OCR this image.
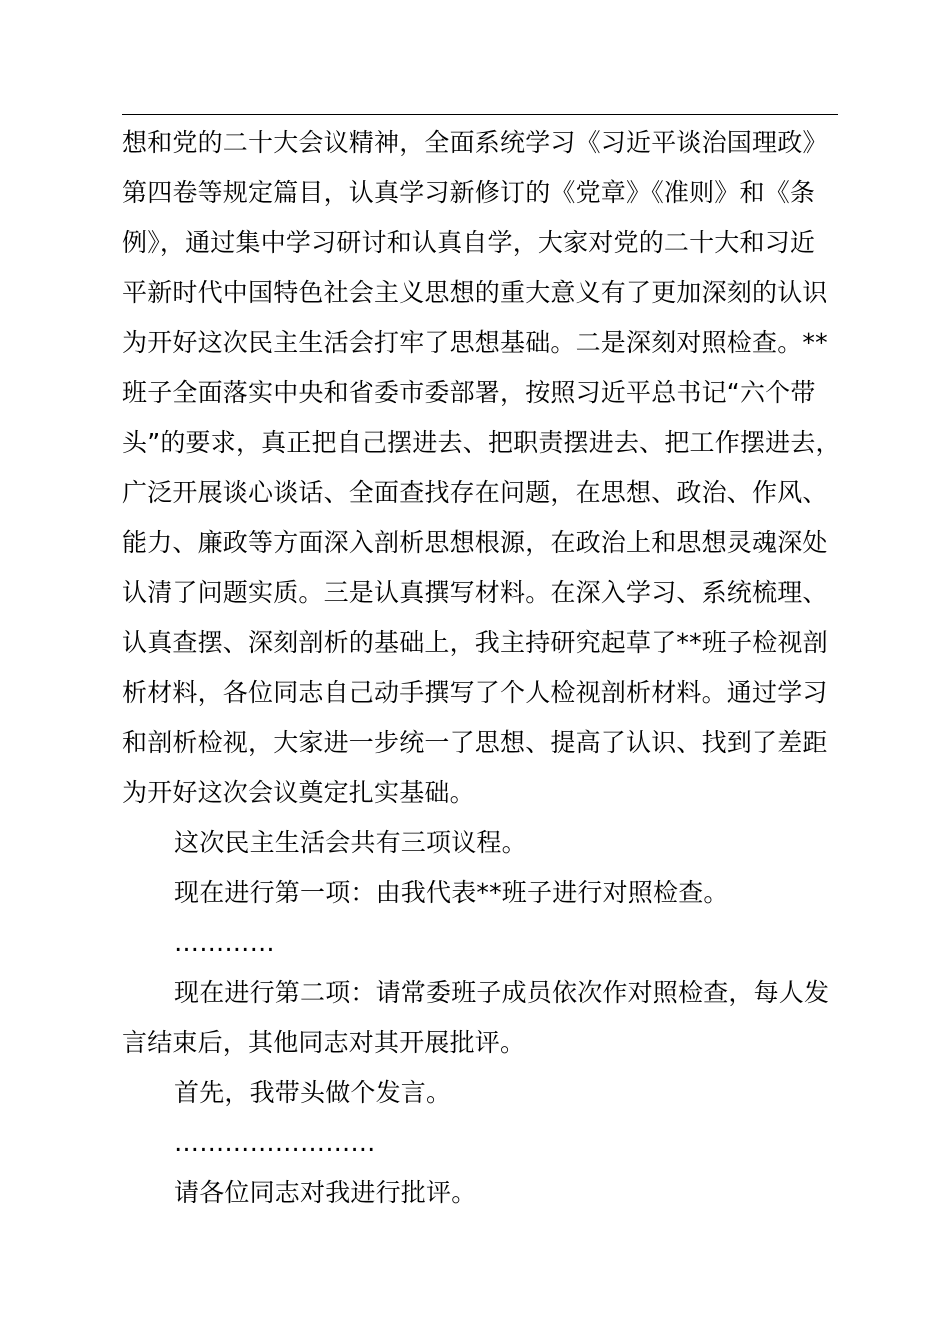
想和党的二十大会议精神，全面系统学习《习近平谈治国理政》
第四卷等规定篇目，认真学习新修订的《党章》《准则》和《条
例》，通过集中学习研讨和认真自学，大家对党的二十大和习近
平新时代中国特色社会主义思想的重大意义有了更加深刻的认识
为开好这次民主生活会打牢了思想基础。二是深刻对照检查。**
班子全面落实中央和省委市委部署，按照习近平总书记“六个带
头”的要求，真正把自己摆进去、把职责摆进去、把工作摆进去，
广泛开展谈心谈话、全面查找存在问题，在思想、政治、作风、
能力、廉政等方面深入剖析思想根源，在政治上和思想灵魂深处
认清了问题实质。三是认真撰写材料。在深入学习、系统梳理、
认真查摆、深刻剖析的基础上，我主持研究起草了**班子检视剖
析材料，各位同志自己动手撰写了个人检视剖析材料。通过学习
和剖析检视，大家进一步统一了思想、提高了认识、找到了差距
为开好这次会议奠定扎实基础。
这次民主生活会共有三项议程。
现在进行第一项：由我代表**班子进行对照检查。
…………
现在进行第二项：请常委班子成员依次作对照检查，每人发
言结束后，其他同志对其开展批评。
首先，我带头做个发言。
……………………
请各位同志对我进行批评。
